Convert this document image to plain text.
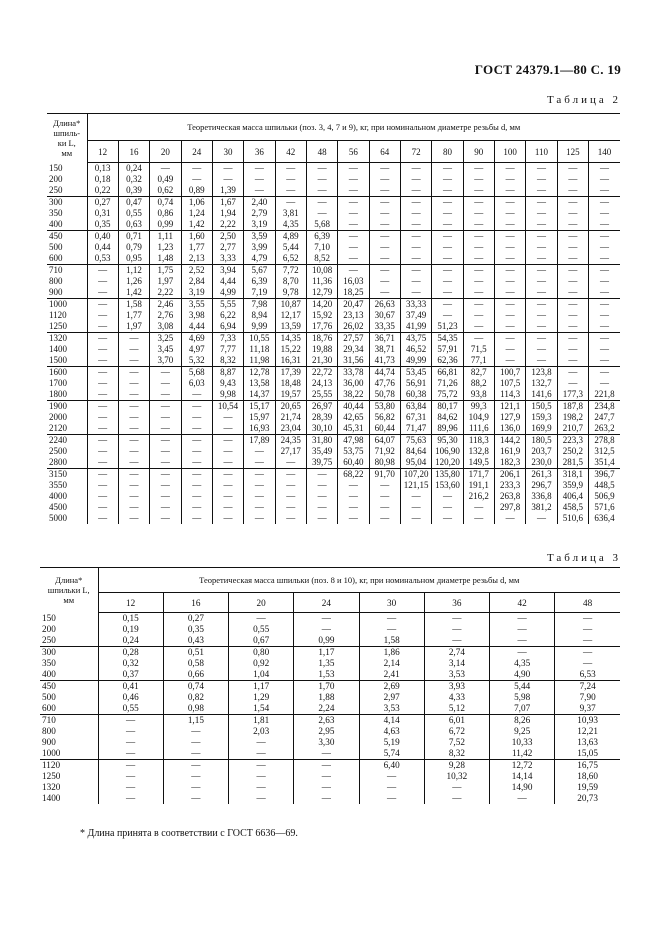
ГОСТ 24379.1—80 С. 19
Таблица 2
Длина*
шпиль-
ки L,
мм	Теоретическая масса шпильки (поз. 3, 4, 7 и 9), кг, при номинальном диаметре резьбы d, мм																
	12	16	20	24	30	36	42	48	56	64	72	80	90	100	110	125	140
150	0,13	0,24	—	—	—	—	—	—	—	—	—	—	—	—	—	—	—
200	0,18	0,32	0,49	—	—	—	—	—	—	—	—	—	—	—	—	—	—
250	0,22	0,39	0,62	0,89	1,39	—	—	—	—	—	—	—	—	—	—	—	—
300	0,27	0,47	0,74	1,06	1,67	2,40	—	—	—	—	—	—	—	—	—	—	—
350	0,31	0,55	0,86	1,24	1,94	2,79	3,81	—	—	—	—	—	—	—	—	—	—
400	0,35	0,63	0,99	1,42	2,22	3,19	4,35	5,68	—	—	—	—	—	—	—	—	—
450	0,40	0,71	1,11	1,60	2,50	3,59	4,89	6,39	—	—	—	—	—	—	—	—	—
500	0,44	0,79	1,23	1,77	2,77	3,99	5,44	7,10	—	—	—	—	—	—	—	—	—
600	0,53	0,95	1,48	2,13	3,33	4,79	6,52	8,52	—	—	—	—	—	—	—	—	—
710	—	1,12	1,75	2,52	3,94	5,67	7,72	10,08	—	—	—	—	—	—	—	—	—
800	—	1,26	1,97	2,84	4,44	6,39	8,70	11,36	16,03	—	—	—	—	—	—	—	—
900	—	1,42	2,22	3,19	4,99	7,19	9,78	12,79	18,25	—	—	—	—	—	—	—	—
1000	—	1,58	2,46	3,55	5,55	7,98	10,87	14,20	20,47	26,63	33,33	—	—	—	—	—	—
1120	—	1,77	2,76	3,98	6,22	8,94	12,17	15,92	23,13	30,67	37,49	—	—	—	—	—	—
1250	—	1,97	3,08	4,44	6,94	9,99	13,59	17,76	26,02	33,35	41,99	51,23	—	—	—	—	—
1320	—	—	3,25	4,69	7,33	10,55	14,35	18,76	27,57	36,71	43,75	54,35	—	—	—	—	—
1400	—	—	3,45	4,97	7,77	11,18	15,22	19,88	29,34	38,71	46,52	57,91	71,5	—	—	—	—
1500	—	—	3,70	5,32	8,32	11,98	16,31	21,30	31,56	41,73	49,99	62,36	77,1	—	—	—	—
1600	—	—	—	5,68	8,87	12,78	17,39	22,72	33,78	44,74	53,45	66,81	82,7	100,7	123,8	—	—
1700	—	—	—	6,03	9,43	13,58	18,48	24,13	36,00	47,76	56,91	71,26	88,2	107,5	132,7	—	—
1800	—	—	—	—	9,98	14,37	19,57	25,55	38,22	50,78	60,38	75,72	93,8	114,3	141,6	177,3	221,8
1900	—	—	—	—	10,54	15,17	20,65	26,97	40,44	53,80	63,84	80,17	99,3	121,1	150,5	187,8	234,8
2000	—	—	—	—	—	15,97	21,74	28,39	42,65	56,82	67,31	84,62	104,9	127,9	159,3	198,2	247,7
2120	—	—	—	—	—	16,93	23,04	30,10	45,31	60,44	71,47	89,96	111,6	136,0	169,9	210,7	263,2
2240	—	—	—	—	—	17,89	24,35	31,80	47,98	64,07	75,63	95,30	118,3	144,2	180,5	223,3	278,8
2500	—	—	—	—	—	—	27,17	35,49	53,75	71,92	84,64	106,90	132,8	161,9	203,7	250,2	312,5
2800	—	—	—	—	—	—	—	39,75	60,40	80,98	95,04	120,20	149,5	182,3	230,0	281,5	351,4
3150	—	—	—	—	—	—	—	—	68,22	91,70	107,20	135,80	171,7	206,1	261,3	318,1	396,7
3550	—	—	—	—	—	—	—	—	—	—	121,15	153,60	191,1	233,3	296,7	359,9	448,5
4000	—	—	—	—	—	—	—	—	—	—	—	—	216,2	263,8	336,8	406,4	506,9
4500	—	—	—	—	—	—	—	—	—	—	—	—	—	297,8	381,2	458,5	571,6
5000	—	—	—	—	—	—	—	—	—	—	—	—	—	—	—	510,6	636,4
Таблица 3
Длина*
шпильки L,
мм	Теоретическая масса шпильки (поз. 8 и 10), кг, при номинальном диаметре резьбы d, мм							
	12	16	20	24	30	36	42	48
150	0,15	0,27	—	—	—	—	—	—
200	0,19	0,35	0,55	—	—	—	—	—
250	0,24	0,43	0,67	0,99	1,58	—	—	—
300	0,28	0,51	0,80	1,17	1,86	2,74	—	—
350	0,32	0,58	0,92	1,35	2,14	3,14	4,35	—
400	0,37	0,66	1,04	1,53	2,41	3,53	4,90	6,53
450	0,41	0,74	1,17	1,70	2,69	3,93	5,44	7,24
500	0,46	0,82	1,29	1,88	2,97	4,33	5,98	7,90
600	0,55	0,98	1,54	2,24	3,53	5,12	7,07	9,37
710	—	1,15	1,81	2,63	4,14	6,01	8,26	10,93
800	—	—	2,03	2,95	4,63	6,72	9,25	12,21
900	—	—	—	3,30	5,19	7,52	10,33	13,63
1000	—	—	—	—	5,74	8,32	11,42	15,05
1120	—	—	—	—	6,40	9,28	12,72	16,75
1250	—	—	—	—	—	10,32	14,14	18,60
1320	—	—	—	—	—	—	14,90	19,59
1400	—	—	—	—	—	—	—	20,73
* Длина принята в соответствии с ГОСТ 6636—69.
